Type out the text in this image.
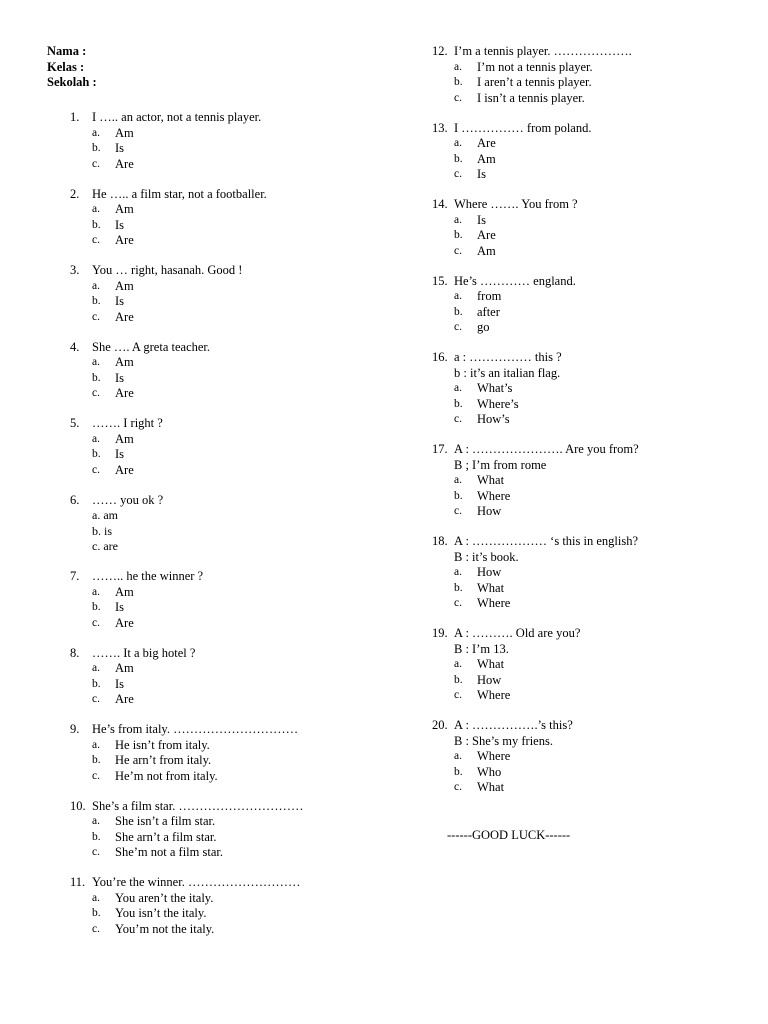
Nama :
Kelas :
Sekolah :
1. I ….. an actor, not a tennis player.
a. Am
b. Is
c. Are
2. He ….. a film star, not a footballer.
a. Am
b. Is
c. Are
3. You … right, hasanah. Good !
a. Am
b. Is
c. Are
4. She …. A greta teacher.
a. Am
b. Is
c. Are
5. ……. I right ?
a. Am
b. Is
c. Are
6. …… you ok ?
a. am
b. is
c. are
7. …….. he the winner ?
a. Am
b. Is
c. Are
8. ……. It a big hotel ?
a. Am
b. Is
c. Are
9. He’s from italy. …………………………
a. He isn’t from italy.
b. He arn’t from italy.
c. He’m not from italy.
10. She’s a film star. …………………………
a. She isn’t a film star.
b. She arn’t a film star.
c. She’m not a film star.
11. You’re the winner. ………………………
a. You aren’t the italy.
b. You isn’t the italy.
c. You’m not the italy.
12. I’m a tennis player. ……………….
a. I’m not a tennis player.
b. I aren’t a tennis player.
c. I isn’t a tennis player.
13. I …………… from poland.
a. Are
b. Am
c. Is
14. Where ……. You from ?
a. Is
b. Are
c. Am
15. He’s ………… england.
a. from
b. after
c. go
16. a : …………… this ?
b : it’s an italian flag.
a. What’s
b. Where’s
c. How’s
17. A : …………………. Are you from?
B ; I’m from rome
a. What
b. Where
c. How
18. A : ……………… ‘s this in english?
B : it’s book.
a. How
b. What
c. Where
19. A : ………. Old are you?
B : I’m 13.
a. What
b. How
c. Where
20. A : …………….’s this?
B : She’s my friens.
a. Where
b. Who
c. What
------GOOD LUCK------
